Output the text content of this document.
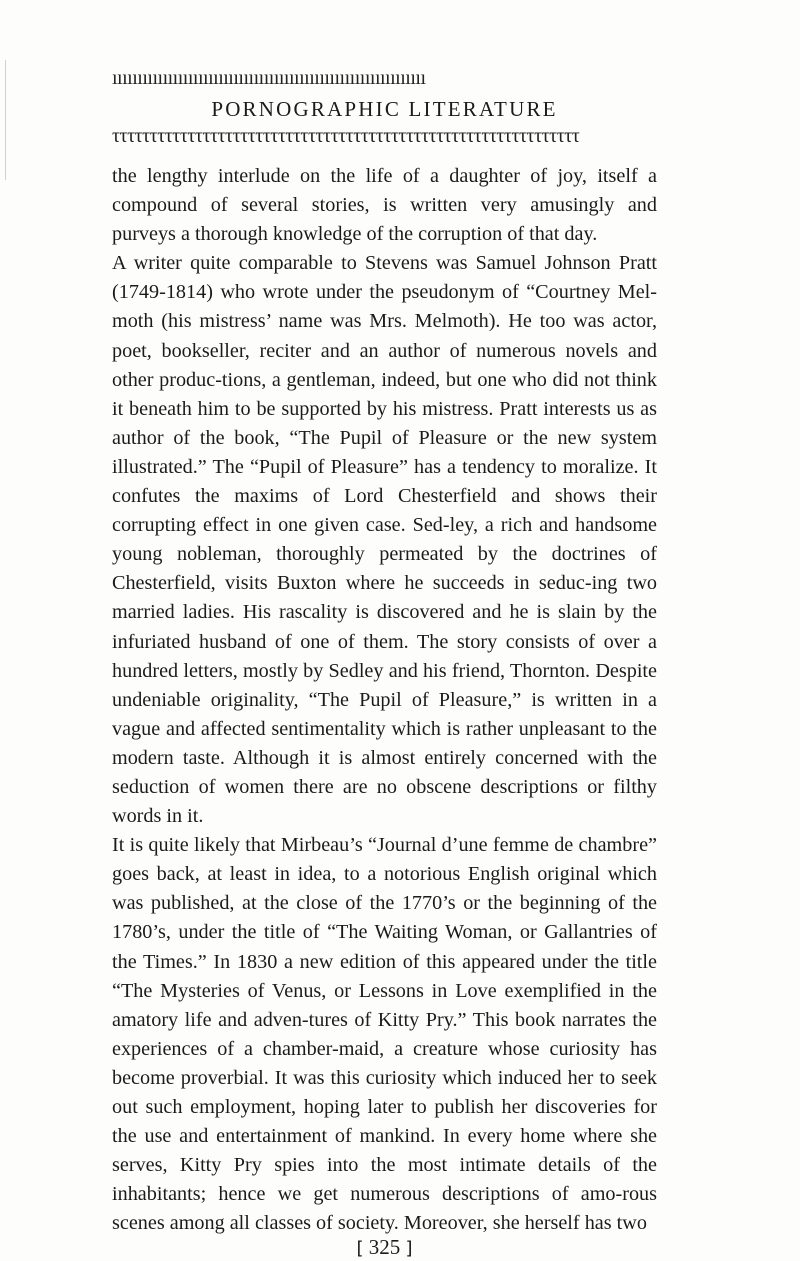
ıııııııııııııııııııııııııııııııııııııııııııııııııııııııııııııı
PORNOGRAPHIC LITERATURE
ττττττττττττττττττττττττττττττττττττττττττττττττττττττττττττττ

the lengthy interlude on the life of a daughter of joy, itself a compound of several stories, is written very amusingly and purveys a thorough knowledge of the corruption of that day.

A writer quite comparable to Stevens was Samuel Johnson Pratt (1749-1814) who wrote under the pseudonym of “Courtney Mel-moth (his mistress’ name was Mrs. Melmoth). He too was actor, poet, bookseller, reciter and an author of numerous novels and other produc-tions, a gentleman, indeed, but one who did not think it beneath him to be supported by his mistress. Pratt interests us as author of the book, “The Pupil of Pleasure or the new system illustrated.” The “Pupil of Pleasure” has a tendency to moralize. It confutes the maxims of Lord Chesterfield and shows their corrupting effect in one given case. Sed-ley, a rich and handsome young nobleman, thoroughly permeated by the doctrines of Chesterfield, visits Buxton where he succeeds in seduc-ing two married ladies. His rascality is discovered and he is slain by the infuriated husband of one of them. The story consists of over a hundred letters, mostly by Sedley and his friend, Thornton. Despite undeniable originality, “The Pupil of Pleasure,” is written in a vague and affected sentimentality which is rather unpleasant to the modern taste. Although it is almost entirely concerned with the seduction of women there are no obscene descriptions or filthy words in it.

It is quite likely that Mirbeau’s “Journal d’une femme de chambre” goes back, at least in idea, to a notorious English original which was published, at the close of the 1770’s or the beginning of the 1780’s, under the title of “The Waiting Woman, or Gallantries of the Times.” In 1830 a new edition of this appeared under the title “The Mysteries of Venus, or Lessons in Love exemplified in the amatory life and adven-tures of Kitty Pry.” This book narrates the experiences of a chamber-maid, a creature whose curiosity has become proverbial. It was this curiosity which induced her to seek out such employment, hoping later to publish her discoveries for the use and entertainment of mankind. In every home where she serves, Kitty Pry spies into the most intimate details of the inhabitants; hence we get numerous descriptions of amo-rous scenes among all classes of society. Moreover, she herself has two

[ 325 ]
